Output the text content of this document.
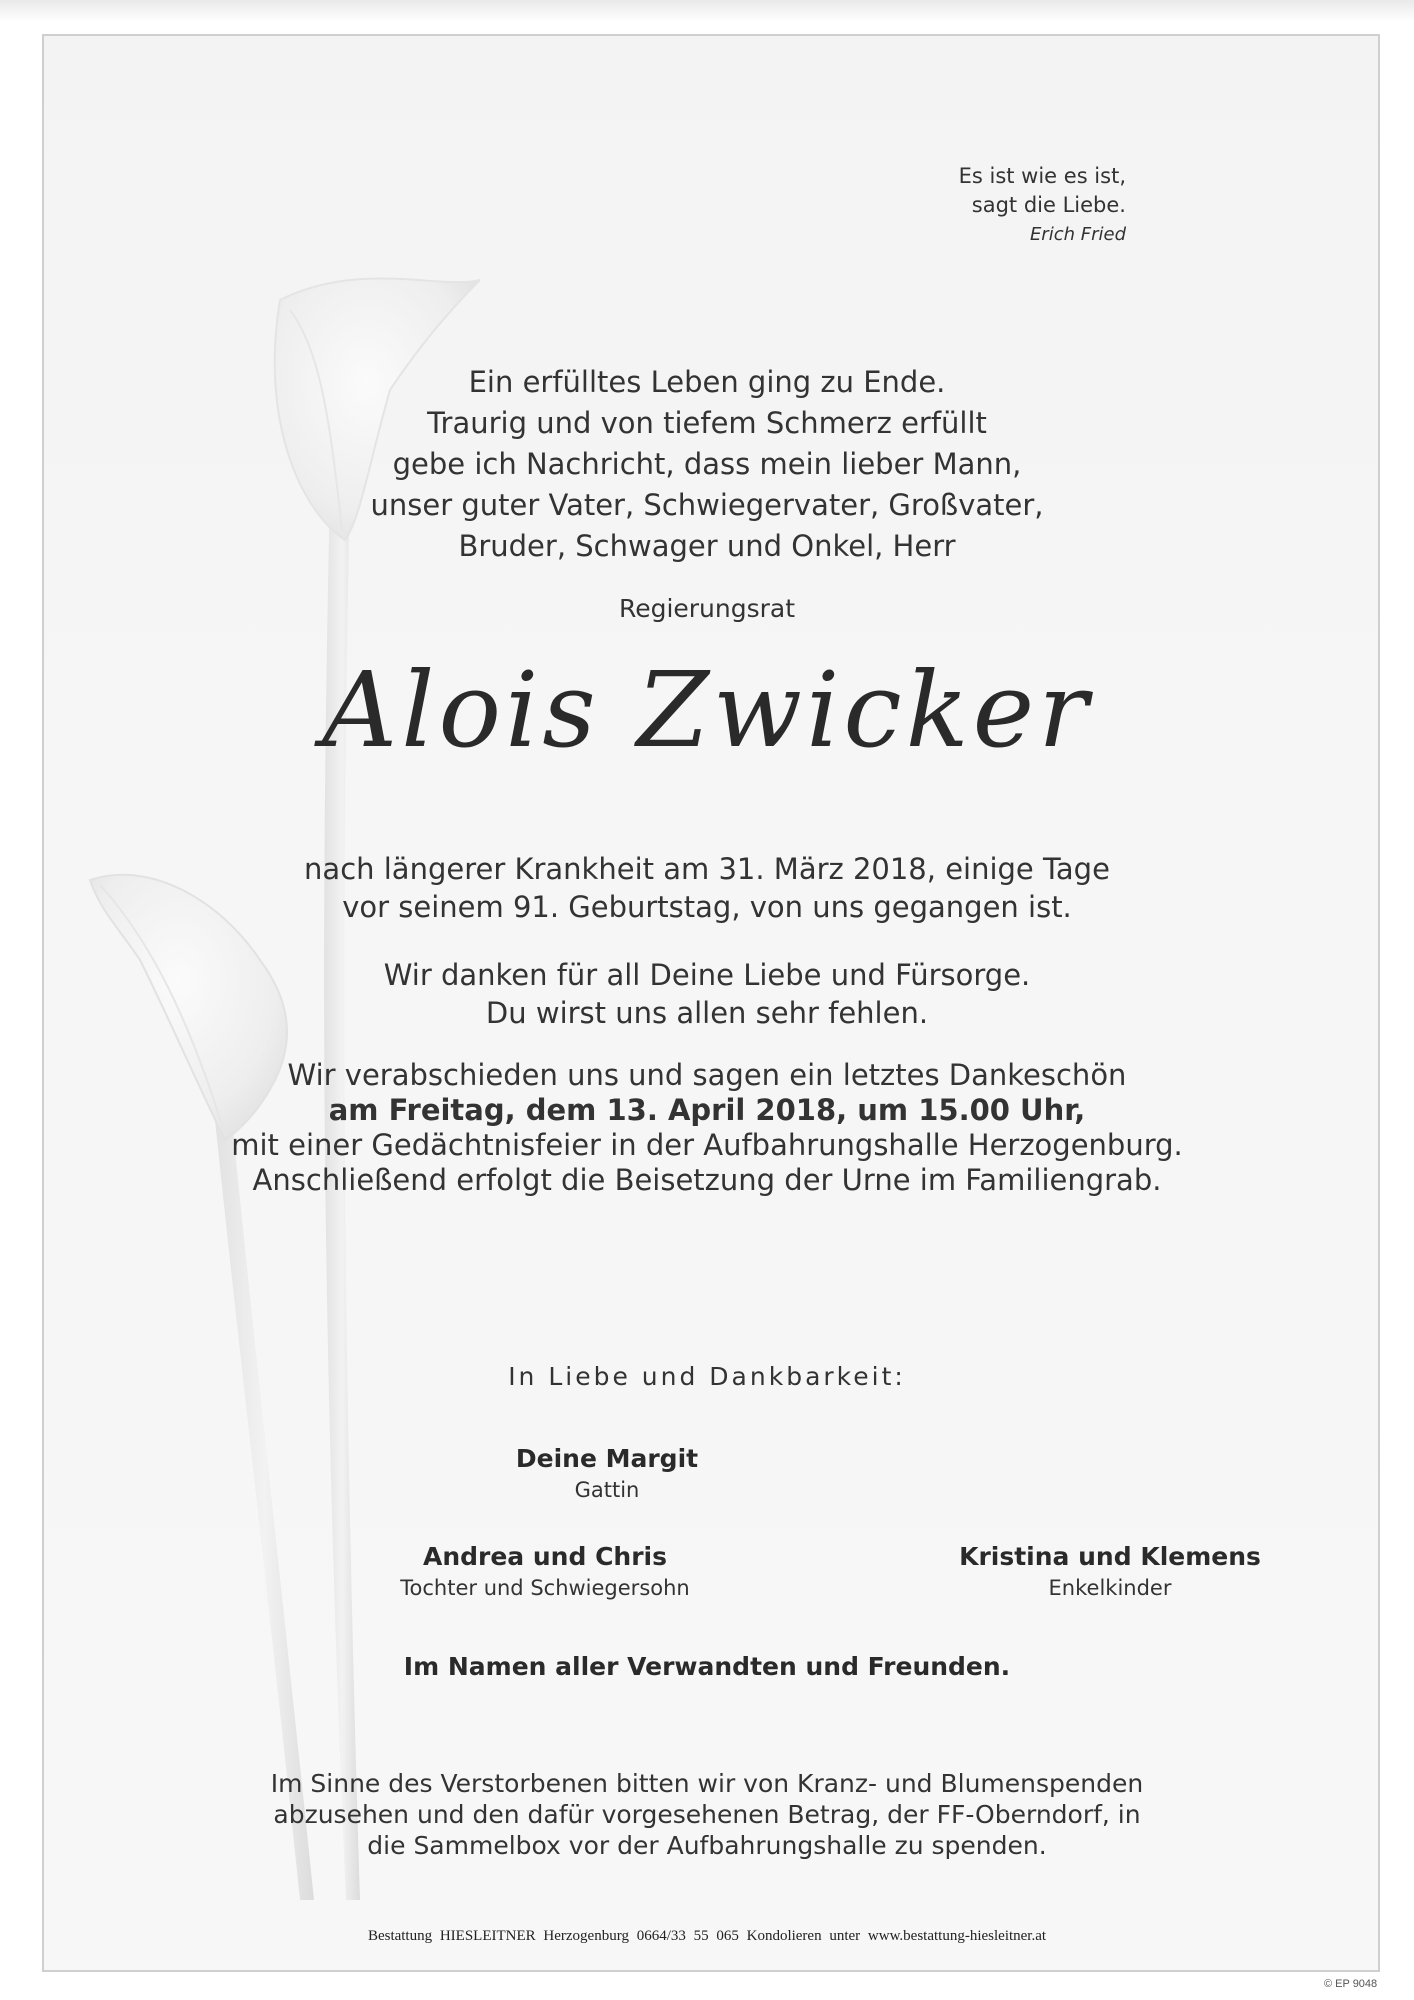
Es ist wie es ist,
sagt die Liebe.
Erich Fried
Ein erfülltes Leben ging zu Ende.
Traurig und von tiefem Schmerz erfüllt
gebe ich Nachricht, dass mein lieber Mann,
unser guter Vater, Schwiegervater, Großvater,
Bruder, Schwager und Onkel, Herr
Regierungsrat
Alois Zwicker
nach längerer Krankheit am 31. März 2018, einige Tage
vor seinem 91. Geburtstag, von uns gegangen ist.
Wir danken für all Deine Liebe und Fürsorge.
Du wirst uns allen sehr fehlen.
Wir verabschieden uns und sagen ein letztes Dankeschön
am Freitag, dem 13. April 2018, um 15.00 Uhr,
mit einer Gedächtnisfeier in der Aufbahrungshalle Herzogenburg.
Anschließend erfolgt die Beisetzung der Urne im Familiengrab.
In Liebe und Dankbarkeit:
Deine Margit
Gattin
Andrea und Chris
Tochter und Schwiegersohn
Kristina und Klemens
Enkelkinder
Im Namen aller Verwandten und Freunden.
Im Sinne des Verstorbenen bitten wir von Kranz- und Blumenspenden
abzusehen und den dafür vorgesehenen Betrag, der FF-Oberndorf, in
die Sammelbox vor der Aufbahrungshalle zu spenden.
Bestattung HIESLEITNER Herzogenburg 0664/33 55 065 Kondolieren unter www.bestattung-hiesleitner.at
© EP 9048
